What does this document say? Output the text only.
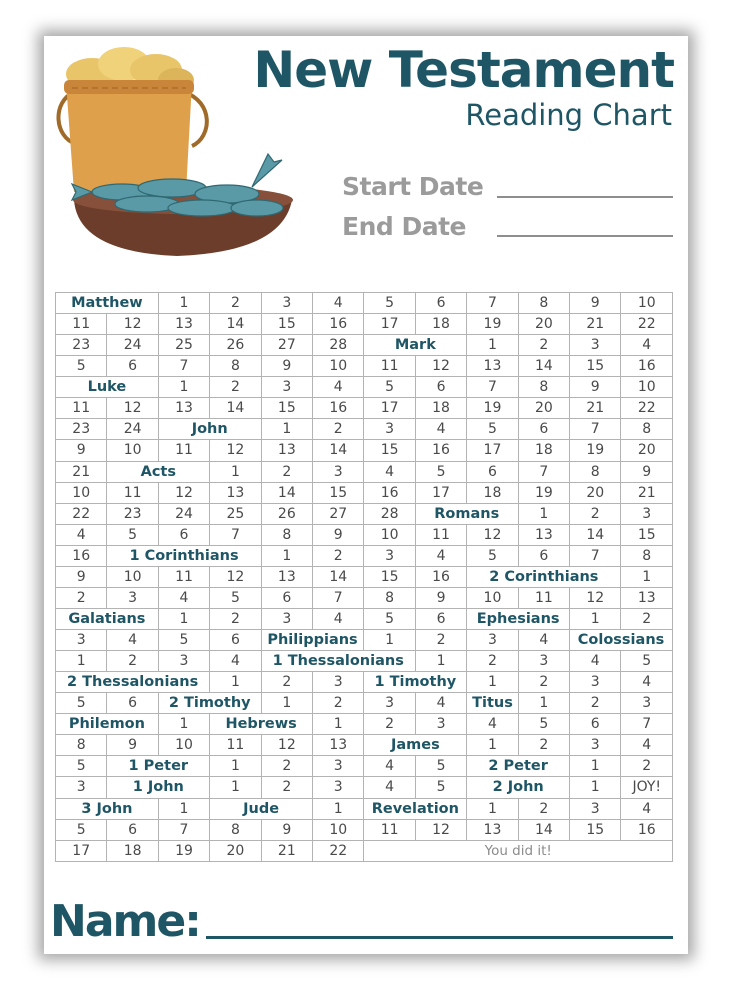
New Testament
Reading Chart
Start Date
End Date
Matthew		1	2	3	4	5	6	7	8	9	10
11	12	13	14	15	16	17	18	19	20	21	22
23	24	25	26	27	28	Mark		1	2	3	4
5	6	7	8	9	10	11	12	13	14	15	16
Luke		1	2	3	4	5	6	7	8	9	10
11	12	13	14	15	16	17	18	19	20	21	22
23	24	John		1	2	3	4	5	6	7	8
9	10	11	12	13	14	15	16	17	18	19	20
21	Acts		1	2	3	4	5	6	7	8	9
10	11	12	13	14	15	16	17	18	19	20	21
22	23	24	25	26	27	28	Romans		1	2	3
4	5	6	7	8	9	10	11	12	13	14	15
16	1 Corinthians			1	2	3	4	5	6	7	8
9	10	11	12	13	14	15	16	2 Corinthians			1
2	3	4	5	6	7	8	9	10	11	12	13
Galatians		1	2	3	4	5	6	Ephesians		1	2
3	4	5	6	Philippians		1	2	3	4	Colossians	
1	2	3	4	1 Thessalonians			1	2	3	4	5
2 Thessalonians			1	2	3	1 Timothy		1	2	3	4
5	6	2 Timothy		1	2	3	4	Titus	1	2	3
Philemon		1	Hebrews		1	2	3	4	5	6	7
8	9	10	11	12	13	James		1	2	3	4
5	1 Peter		1	2	3	4	5	2 Peter		1	2
3	1 John		1	2	3	4	5	2 John		1	JOY!
3 John		1	Jude		1	Revelation		1	2	3	4
5	6	7	8	9	10	11	12	13	14	15	16
17	18	19	20	21	22	You did it!					
Name:
